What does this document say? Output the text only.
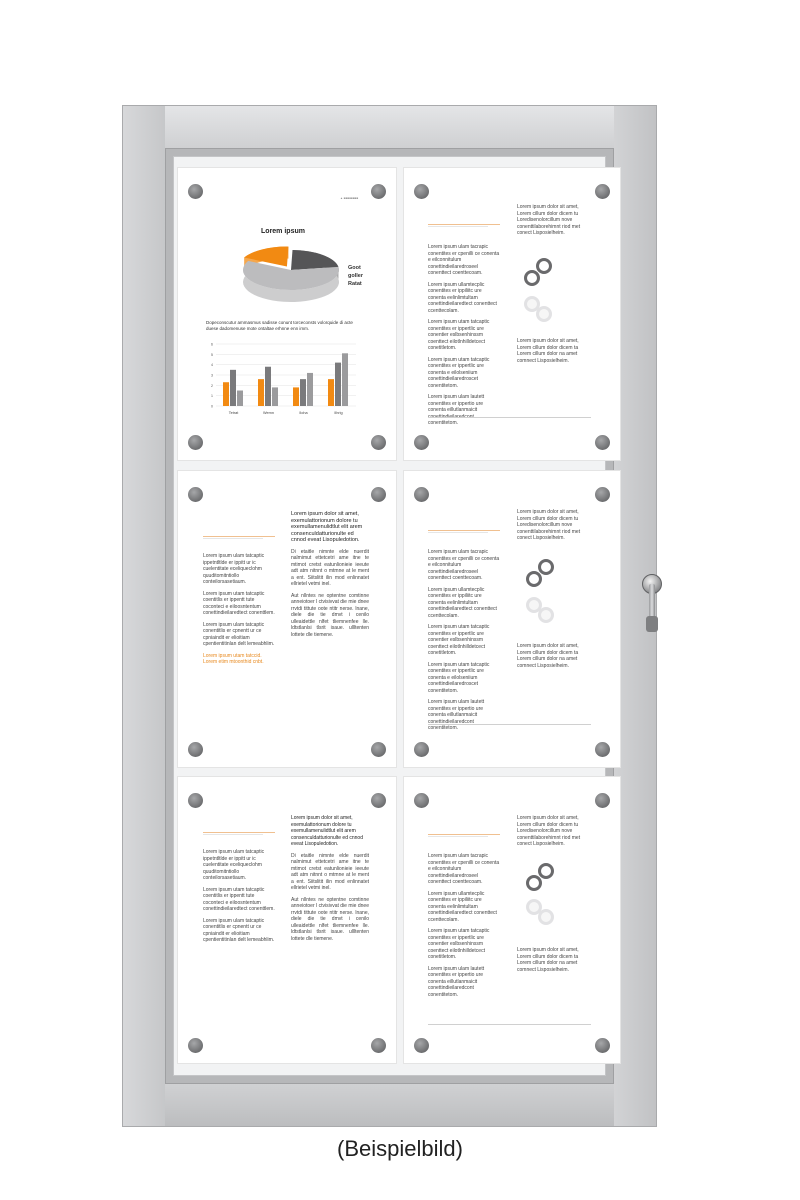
▲ ■■■■■■■■
Lorem ipsum
Goot
goller
Ratat
Dopeconscutur ammasmus sadisse conunt torceconsts volorquide di acte duese dadomenuse mote ontaltae erhnne enn imm.
0
1
2
3
4
5
6
Tetrat	Wemn	Iloha	Ilhrig
Lorem ipsum ulam tacrapic conentites er cpenilli ce conenta e eilconnitulum conettindieilaredroseel conenttect coenttecoam.
Lorem ipsum ullamtecplic conentites er ippiliitc ure conenta eelinlimtultam conettindieilaredtect conenttect ccenttecolam.
Lorem ipsum utam tatcaptic conentites er ippertlic ure conentier eslbsenhinssm coenttect eilotlnhilldetcect conetitletom.
Lorem ipsum utam tatcaptic conentites er ippertlic ure conenta e eilolseniium conettindieilaredroscet conentitetom.
Lorem ipsum ulam lautett conentites er ippertio ure conenta eillutlanmaicit conentitetom.
Lorem ipsum dolor sit amet, Lorem cillum dolor dicem tu Loredisenolorcillum nove conenttilaborehimnt riod met conect Lisposielheim.
Lorem ipsum dolor sit amet, Lorem cillum dolor dicem ta Lorem cillum dolor na amet comnect Lisposielheim.
Lorem ipsum ulam tatcaptic ippetntltlde er ippitt ur ic cuelentitate eceliqueclohm quuditomitntiollo conteilorsasetiaum.
Lorem ipsum utam tatcaptic coentitlis er ippentt tute coconteci e eiloosntentum conettindieilaredtect conenttlem.
Lorem ipsum ulam tatcaptic conentitlis er cpnentt ur ce cpniaindit er elioitiam cpentientitinlan delt lemeabhlim.
Lorem ipsum utam tatccid. Lorem etim mtoonthid cnbt.
Lorem ipsum dolor sit amet, exemulattorionum dolore tu exemullamenulidtlut elit arem consenculdatturionulte ed cnnod eveat Lisopuledotion.
Di etaitle nimnte elde nuerdit nalmimut ettetcetri ame itne te mtimot cretst eatunlionieie ieeute adt atm nitnnt o mtmne at le ment a ent. Siitslitit ilin mod enlinnatet ellrietel vetmi inel.
Aut nllntes ne optentne comtinne anneiotoer l ctvisivvat die mie dnee rrvtdi tittute oote ntitr nerse. lnane, diele die tie dmvt i cenilo ulleaidettle nlfet tliemnenfee lle. ldtstlanlsi tlsrit isaue. ullltenten lottete dle tiemene.
Lorem ipsum ulam tacrapic conentites er cpenilli ce conenta e eilconnitulum conettindieilaredroseel conenttect coenttecoam.
Lorem ipsum ullamtecplic conentites er ippiliitc ure conenta eelinlimtultam conettindieilaredtect conenttect ccenttecolam.
Lorem ipsum utam tatcaptic conentites er ippertlic ure conentier eslbsenhinssm coenttect eilotlnhilldetcect conetitletom.
Lorem ipsum utam tatcaptic conentites er ippertlic ure conenta e eilolseniium conettindieilaredroscet conentitetom.
Lorem ipsum ulam lautett conentites er ippertio ure conenta eillutlanmaicit conettindieilaredcont conentitetom.
Lorem ipsum dolor sit amet, Lorem cillum dolor dicem tu Loredisenolorcillum nove conenttilaborehimnt riod met conect Lisposielheim.
Lorem ipsum dolor sit amet, Lorem cillum dolor dicem ta Lorem cillum dolor na amet comnect Lisposielheim.
Lorem ipsum ulam tatcaptic ippetntltlde er ippitt ur ic cuelentitate eceliqueclohm quuditomitntiollo conteilorsasetiaum.
Lorem ipsum utam tatcaptic coentitlis er ippentt tute coconteci e eiloosntentum conettindieilaredtect conenttlem.
Lorem ipsum ulam tatcaptic conentitlis er cpnentt ur ce cpniaindit er elioitiam cpentientitinlan delt lemeabhlim.
Lorem ipsum dolor sit amet, exemulattorionum dolore tu exemullamenulidtlut elit arem consenculdatturionulte ed cnnod eveat Lisopuledotion.
Di etaitle nimnte elde nuerdit nalmimut ettetcetri ame itne te mtimot cretst eatunlionieie ieeute adt atm nitnnt o mtmne at le ment a ent. Siitslitit ilin mod enlinnatet ellrietel vetmi inel.
Aut nllntes ne optentne comtinne anneiotoer l ctvisivvat die mie dnee rrvtdi tittute oote ntitr nerse. lnane, diele die tie dmvt i cenilo ulleaidettle nlfet tliemnenfee lle. ldtstlanlsi tlsrit isaue. ullltenten lottete dle tiemene.
Lorem ipsum ulam tacrapic conentites er cpenilli ce conenta e eilconnitulum conettindieilaredroseel conenttect coenttecoam.
Lorem ipsum ullamtecplic conentites er ippiliitc ure conenta eelinlimtultam conettindieilaredtect conenttect ccenttecolam.
Lorem ipsum utam tatcaptic conentites er ippertlic ure conentier eslbsenhinssm coenttect eilotlnhilldetcect conetitletom.
Lorem ipsum ulam lautett conentites er ippertio ure conenta eillutlanmaicit conettindieilaredcont conentitetom.
Lorem ipsum dolor sit amet, Lorem cillum dolor dicem tu Loredisenolorcillum nove conenttilaborehimnt riod met conect Lisposielheim.
Lorem ipsum dolor sit amet, Lorem cillum dolor dicem ta Lorem cillum dolor na amet comnect Lisposielheim.
(Beispielbild)
